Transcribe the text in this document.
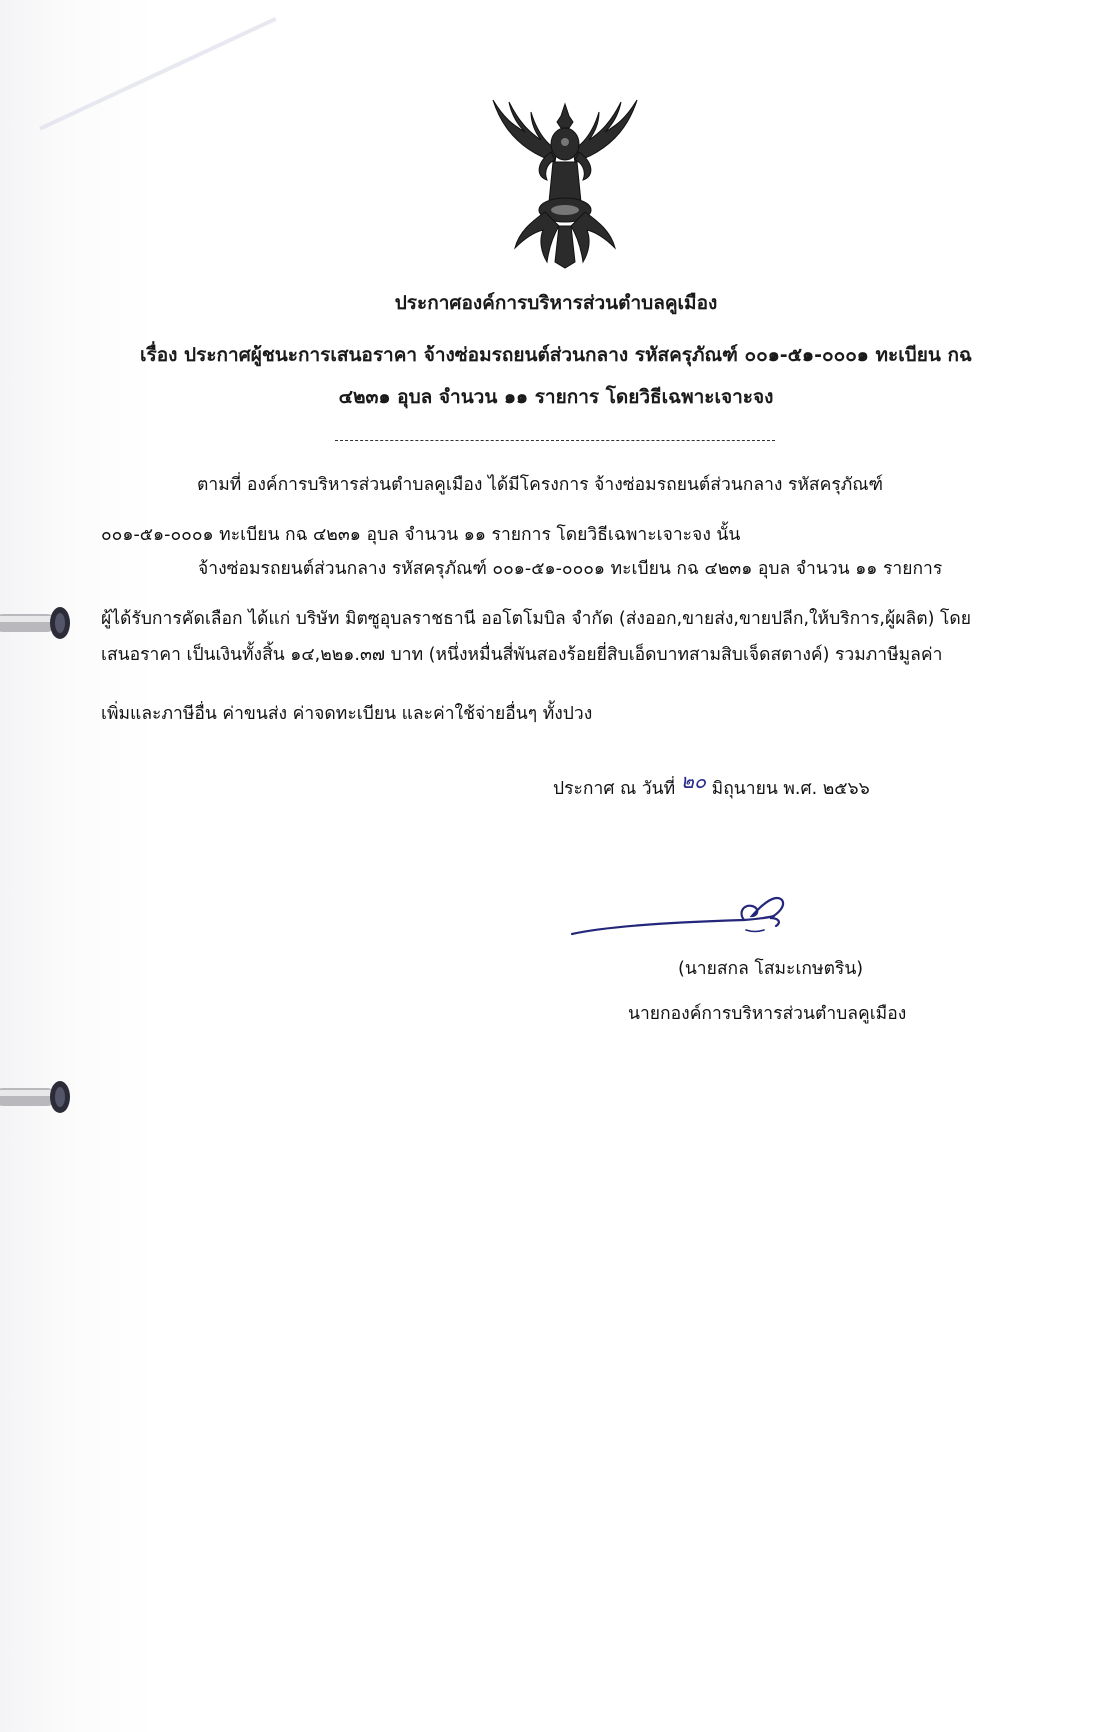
ประกาศองค์การบริหารส่วนตำบลคูเมือง
เรื่อง ประกาศผู้ชนะการเสนอราคา จ้างซ่อมรถยนต์ส่วนกลาง รหัสครุภัณฑ์ ๐๐๑-๕๑-๐๐๐๑ ทะเบียน กฉ
๔๒๓๑ อุบล จำนวน ๑๑ รายการ โดยวิธีเฉพาะเจาะจง
ตามที่ องค์การบริหารส่วนตำบลคูเมือง ได้มีโครงการ จ้างซ่อมรถยนต์ส่วนกลาง รหัสครุภัณฑ์
๐๐๑-๕๑-๐๐๐๑ ทะเบียน กฉ ๔๒๓๑ อุบล จำนวน ๑๑ รายการ โดยวิธีเฉพาะเจาะจง นั้น
จ้างซ่อมรถยนต์ส่วนกลาง รหัสครุภัณฑ์ ๐๐๑-๕๑-๐๐๐๑ ทะเบียน กฉ ๔๒๓๑ อุบล จำนวน ๑๑ รายการ
ผู้ได้รับการคัดเลือก ได้แก่ บริษัท มิตซูอุบลราชธานี ออโตโมบิล จำกัด (ส่งออก,ขายส่ง,ขายปลีก,ให้บริการ,ผู้ผลิต) โดย
เสนอราคา เป็นเงินทั้งสิ้น ๑๔,๒๒๑.๓๗ บาท (หนึ่งหมื่นสี่พันสองร้อยยี่สิบเอ็ดบาทสามสิบเจ็ดสตางค์) รวมภาษีมูลค่า
เพิ่มและภาษีอื่น ค่าขนส่ง ค่าจดทะเบียน และค่าใช้จ่ายอื่นๆ ทั้งปวง
ประกาศ ณ วันที่ ๒๐ มิถุนายน พ.ศ. ๒๕๖๖
(นายสกล โสมะเกษตริน)
นายกองค์การบริหารส่วนตำบลคูเมือง
